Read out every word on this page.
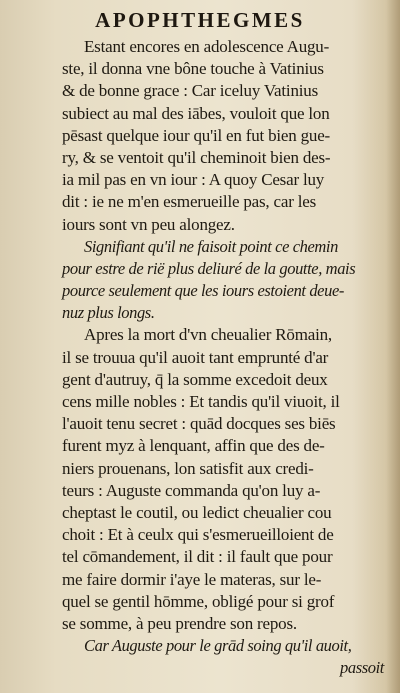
APOPHTHEGMES
Estant encores en adolescence Augu-
ste, il donna vne bône touche à Vatinius
& de bonne grace : Car iceluy Vatinius
subiect au mal des iābes, vouloit que lon
pēsast quelque iour qu'il en fut bien gue-
ry, & se ventoit qu'il cheminoit bien des-
ia mil pas en vn iour : A quoy Cesar luy
dit : ie ne m'en esmerueille pas, car les
iours sont vn peu alongez.
Signifiant qu'il ne faisoit point ce chemin
pour estre de rië plus deliuré de la goutte, mais
pource seulement que les iours estoient deue-
nuz plus longs.
Apres la mort d'vn cheualier Rōmain,
il se trouua qu'il auoit tant emprunté d'ar
gent d'autruy, q̄ la somme excedoit deux
cens mille nobles : Et tandis qu'il viuoit, il
l'auoit tenu secret : quād docques ses biēs
furent myz à lenquant, affin que des de-
niers prouenans, lon satisfit aux credi-
teurs : Auguste commanda qu'on luy a-
cheptast le coutil, ou ledict cheualier cou
choit : Et à ceulx qui s'esmerueilloient de
tel cōmandement, il dit : il fault que pour
me faire dormir i'aye le materas, sur le-
quel se gentil hōmme, obligé pour si grof
se somme, à peu prendre son repos.
Car Auguste pour le grād soing qu'il auoit,
passoit
